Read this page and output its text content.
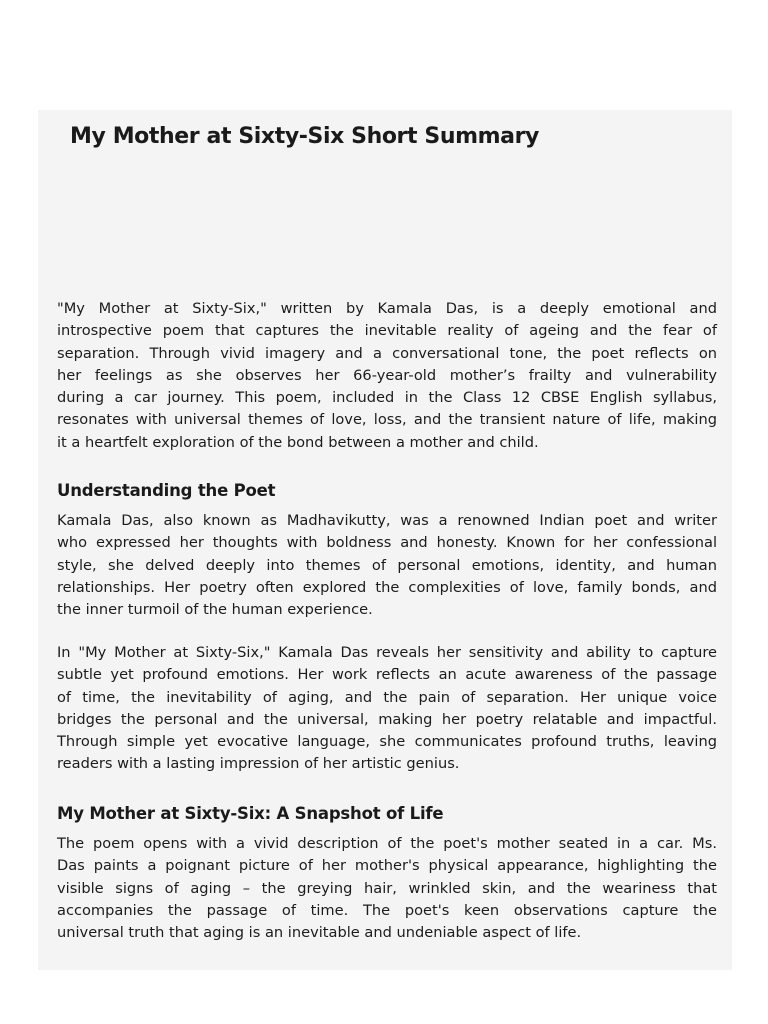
My Mother at Sixty-Six Short Summary
"My Mother at Sixty-Six," written by Kamala Das, is a deeply emotional and
introspective poem that captures the inevitable reality of ageing and the fear of
separation. Through vivid imagery and a conversational tone, the poet reflects on
her feelings as she observes her 66-year-old mother’s frailty and vulnerability
during a car journey. This poem, included in the Class 12 CBSE English syllabus,
resonates with universal themes of love, loss, and the transient nature of life, making
it a heartfelt exploration of the bond between a mother and child.
Understanding the Poet
Kamala Das, also known as Madhavikutty, was a renowned Indian poet and writer
who expressed her thoughts with boldness and honesty. Known for her confessional
style, she delved deeply into themes of personal emotions, identity, and human
relationships. Her poetry often explored the complexities of love, family bonds, and
the inner turmoil of the human experience.
In "My Mother at Sixty-Six," Kamala Das reveals her sensitivity and ability to capture
subtle yet profound emotions. Her work reflects an acute awareness of the passage
of time, the inevitability of aging, and the pain of separation. Her unique voice
bridges the personal and the universal, making her poetry relatable and impactful.
Through simple yet evocative language, she communicates profound truths, leaving
readers with a lasting impression of her artistic genius.
My Mother at Sixty-Six: A Snapshot of Life
The poem opens with a vivid description of the poet's mother seated in a car. Ms.
Das paints a poignant picture of her mother's physical appearance, highlighting the
visible signs of aging – the greying hair, wrinkled skin, and the weariness that
accompanies the passage of time. The poet's keen observations capture the
universal truth that aging is an inevitable and undeniable aspect of life.
